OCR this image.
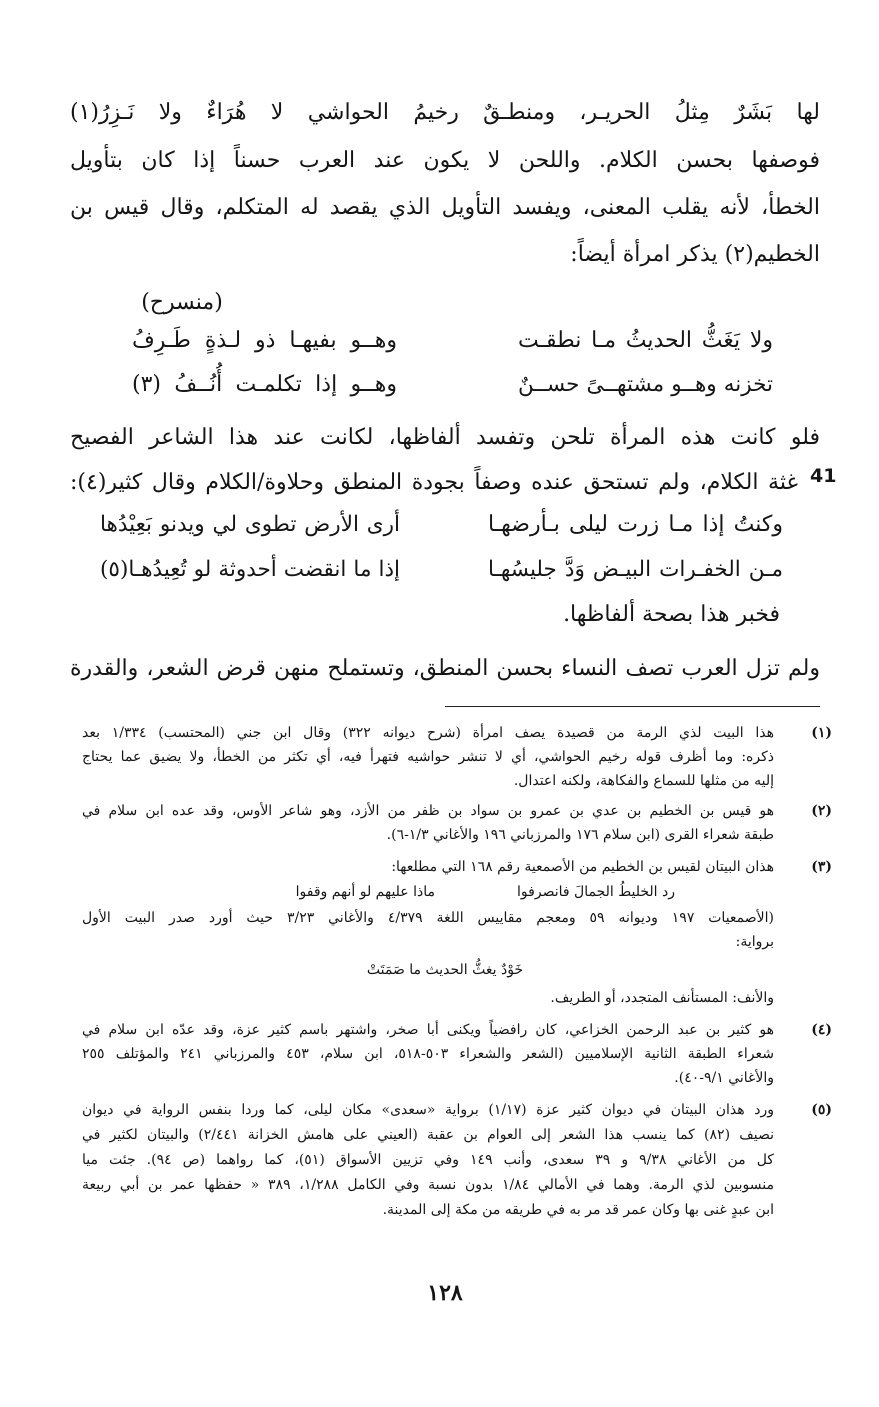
لها بَشَرٌ مِثلُ الحريـر، ومنطـقٌ رخيمُ الحواشي لا هُرَاءٌ ولا نَـزِرُ(١)
فوصفها بحسن الكلام. واللحن لا يكون عند العرب حسناً إذا كان بتأويل
الخطأ، لأنه يقلب المعنى، ويفسد التأويل الذي يقصد له المتكلم، وقال قيس بن
الخطيم(٢) يذكر امرأة أيضاً:
(منسرح)
ولا يَغَثُّ الحديثُ مـا نطقـت
وهــو بفيهـا ذو لـذةٍ طَـرِفُ
تخزنه وهــو مشتهــىً حســنٌ
وهــو إذا تكلمـت أُنُــفُ (٣)
فلو كانت هذه المرأة تلحن وتفسد ألفاظها، لكانت عند هذا الشاعر الفصيح
غثة الكلام، ولم تستحق عنده وصفاً بجودة المنطق وحلاوة/الكلام وقال كثير(٤): 41
وكنتُ إذا مـا زرت ليلى بـأرضهـا
أرى الأرض تطوى لي ويدنو بَعِيْدُها
مـن الخفـرات البيـض وَدَّ جليسُهـا
إذا ما انقضت أحدوثة لو تُعِيدُهـا(٥)
فخبر هذا بصحة ألفاظها.
ولم تزل العرب تصف النساء بحسن المنطق، وتستملح منهن قرض الشعر، والقدرة
(١)
هذا البيت لذي الرمة من قصيدة يصف امرأة (شرح ديوانه ٣٢٢) وقال ابن جني (المحتسب) ١/٣٣٤ بعد
ذكره: وما أظرف قوله رخيم الحواشي، أي لا تنشر حواشيه فتهرأ فيه، أي تكثر من الخطأ، ولا يضيق عما يحتاج
إليه من مثلها للسماع والفكاهة، ولكنه اعتدال.
(٢)
هو قيس بن الخطيم بن عدي بن عمرو بن سواد بن ظفر من الأزد، وهو شاعر الأوس، وقد عده ابن سلام في
طبقة شعراء القرى (ابن سلام ١٧٦ والمرزباني ١٩٦ والأغاني ١/٣-٦).
(٣)
هذان البيتان لقيس بن الخطيم من الأصمعية رقم ١٦٨ التي مطلعها:
رد الخليطُ الجمالَ فانصرفوا
ماذا عليهم لو أنهم وقفوا
(الأصمعيات ١٩٧ وديوانه ٥٩ ومعجم مقاييس اللغة ٤/٣٧٩ والأغاني ٣/٢٣ حيث أورد صدر البيت الأول
برواية:
خَوْدٌ يغثُّ الحديث ما صَمَتَتْ
والأنف: المستأنف المتجدد، أو الطريف.
(٤)
هو كثير بن عبد الرحمن الخزاعي، كان رافضياً ويكنى أبا صخر، واشتهر باسم كثير عزة، وقد عدّه ابن سلام في
شعراء الطبقة الثانية الإسلاميين (الشعر والشعراء ٥٠٣-٥١٨، ابن سلام، ٤٥٣ والمرزباني ٢٤١ والمؤتلف ٢٥٥
والأغاني ٩/١-٤٠).
(٥)
ورد هذان البيتان في ديوان كثير عزة (١/١٧) برواية «سعدى» مكان ليلى، كما وردا بنفس الرواية في ديوان
نصيف (٨٢) كما ينسب هذا الشعر إلى العوام بن عقبة (العيني على هامش الخزانة ٢/٤٤١) والبيتان لكثير في
كل من الأغاني ٩/٣٨ و ٣٩ سعدى، وأنب ١٤٩ وفي تزيين الأسواق (٥١)، كما رواهما (ص ٩٤). جئت ميا
منسوبين لذي الرمة. وهما في الأمالي ١/٨٤ بدون نسبة وفي الكامل ١/٢٨٨، ٣٨٩ « حفظها عمر بن أبي ربيعة
ابن عبدٍ غنى بها وكان عمر قد مر به في طريقه من مكة إلى المدينة.
١٢٨
